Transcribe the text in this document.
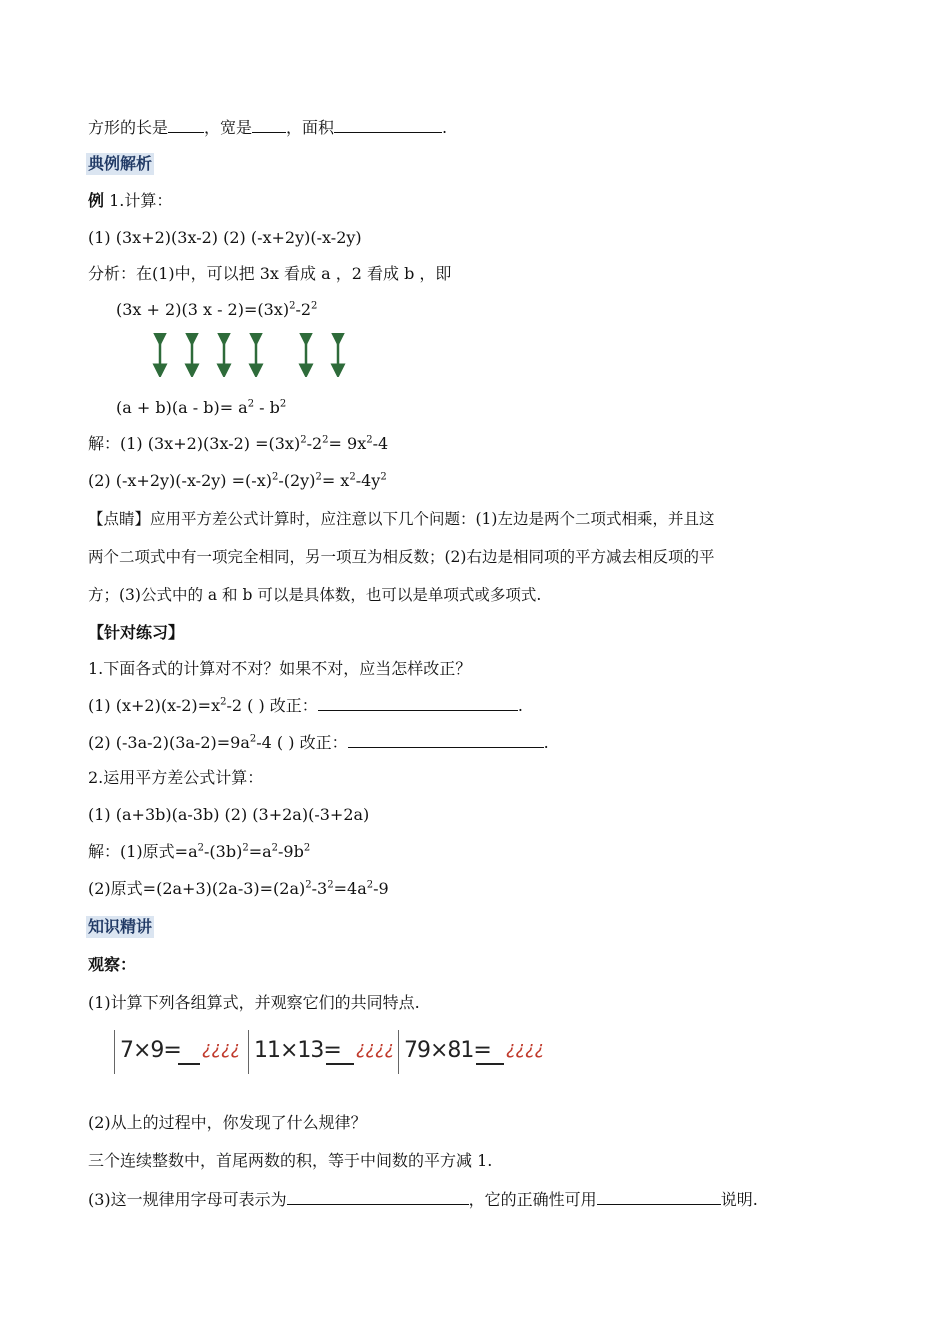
方形的长是 ，宽是 ，面积	.
典例解析
例 1.计算：
(1) (3x+2)(3x-2) (2) (-x+2y)(-x-2y)
分析：在(1)中，可以把 3x 看成 a ，2 看成 b ，即
(3x + 2)(3 $x - 2)=(3x)^2-2^2$
$(a + b)(a - b)= a^2 - b^2$
解：(1) $(3x+2)(3x-2) =(3x)^2-2^2= 9x^2-4$
(2) $(-x+2y)(-x-2y) =(-x)^2-(2y)^2= x^2-4y^2$
【点睛】应用平方差公式计算时，应注意以下几个问题：(1)左边是两个二项式相乘，并且这
两个二项式中有一项完全相同，另一项互为相反数；(2)右边是相同项的平方减去相反项的平
方；(3)公式中的 a 和 b 可以是具体数，也可以是单项式或多项式.
【针对练习】
1.下面各式的计算对不对？如果不对，应当怎样改正？
(1) $(x+2)(x-2)=x^2-2$ ( ) 改正：	.
(2) $(-3a-2)(3a-2)=9a^2-4$ ( ) 改正：	.
2.运用平方差公式计算：
(1) (a+3b)(a-3b) (2) (3+2a)(-3+2a)
解：(1)原式$=a^2-(3b)^2=a^2-9b^2$
(2)原式$=(2a+3)(2a-3)=(2a)^2-3^2=4a^2-9$
知识精讲
观察：
(1)计算下列各组算式，并观察它们的共同特点.
7×9= ¿¿¿¿ 11×13= ¿¿¿¿ 79×81= ¿¿¿¿
(2)从上的过程中，你发现了什么规律？
三个连续整数中，首尾两数的积，等于中间数的平方减 1.
(3)这一规律用字母可表示为	，它的正确性可用	说明.
